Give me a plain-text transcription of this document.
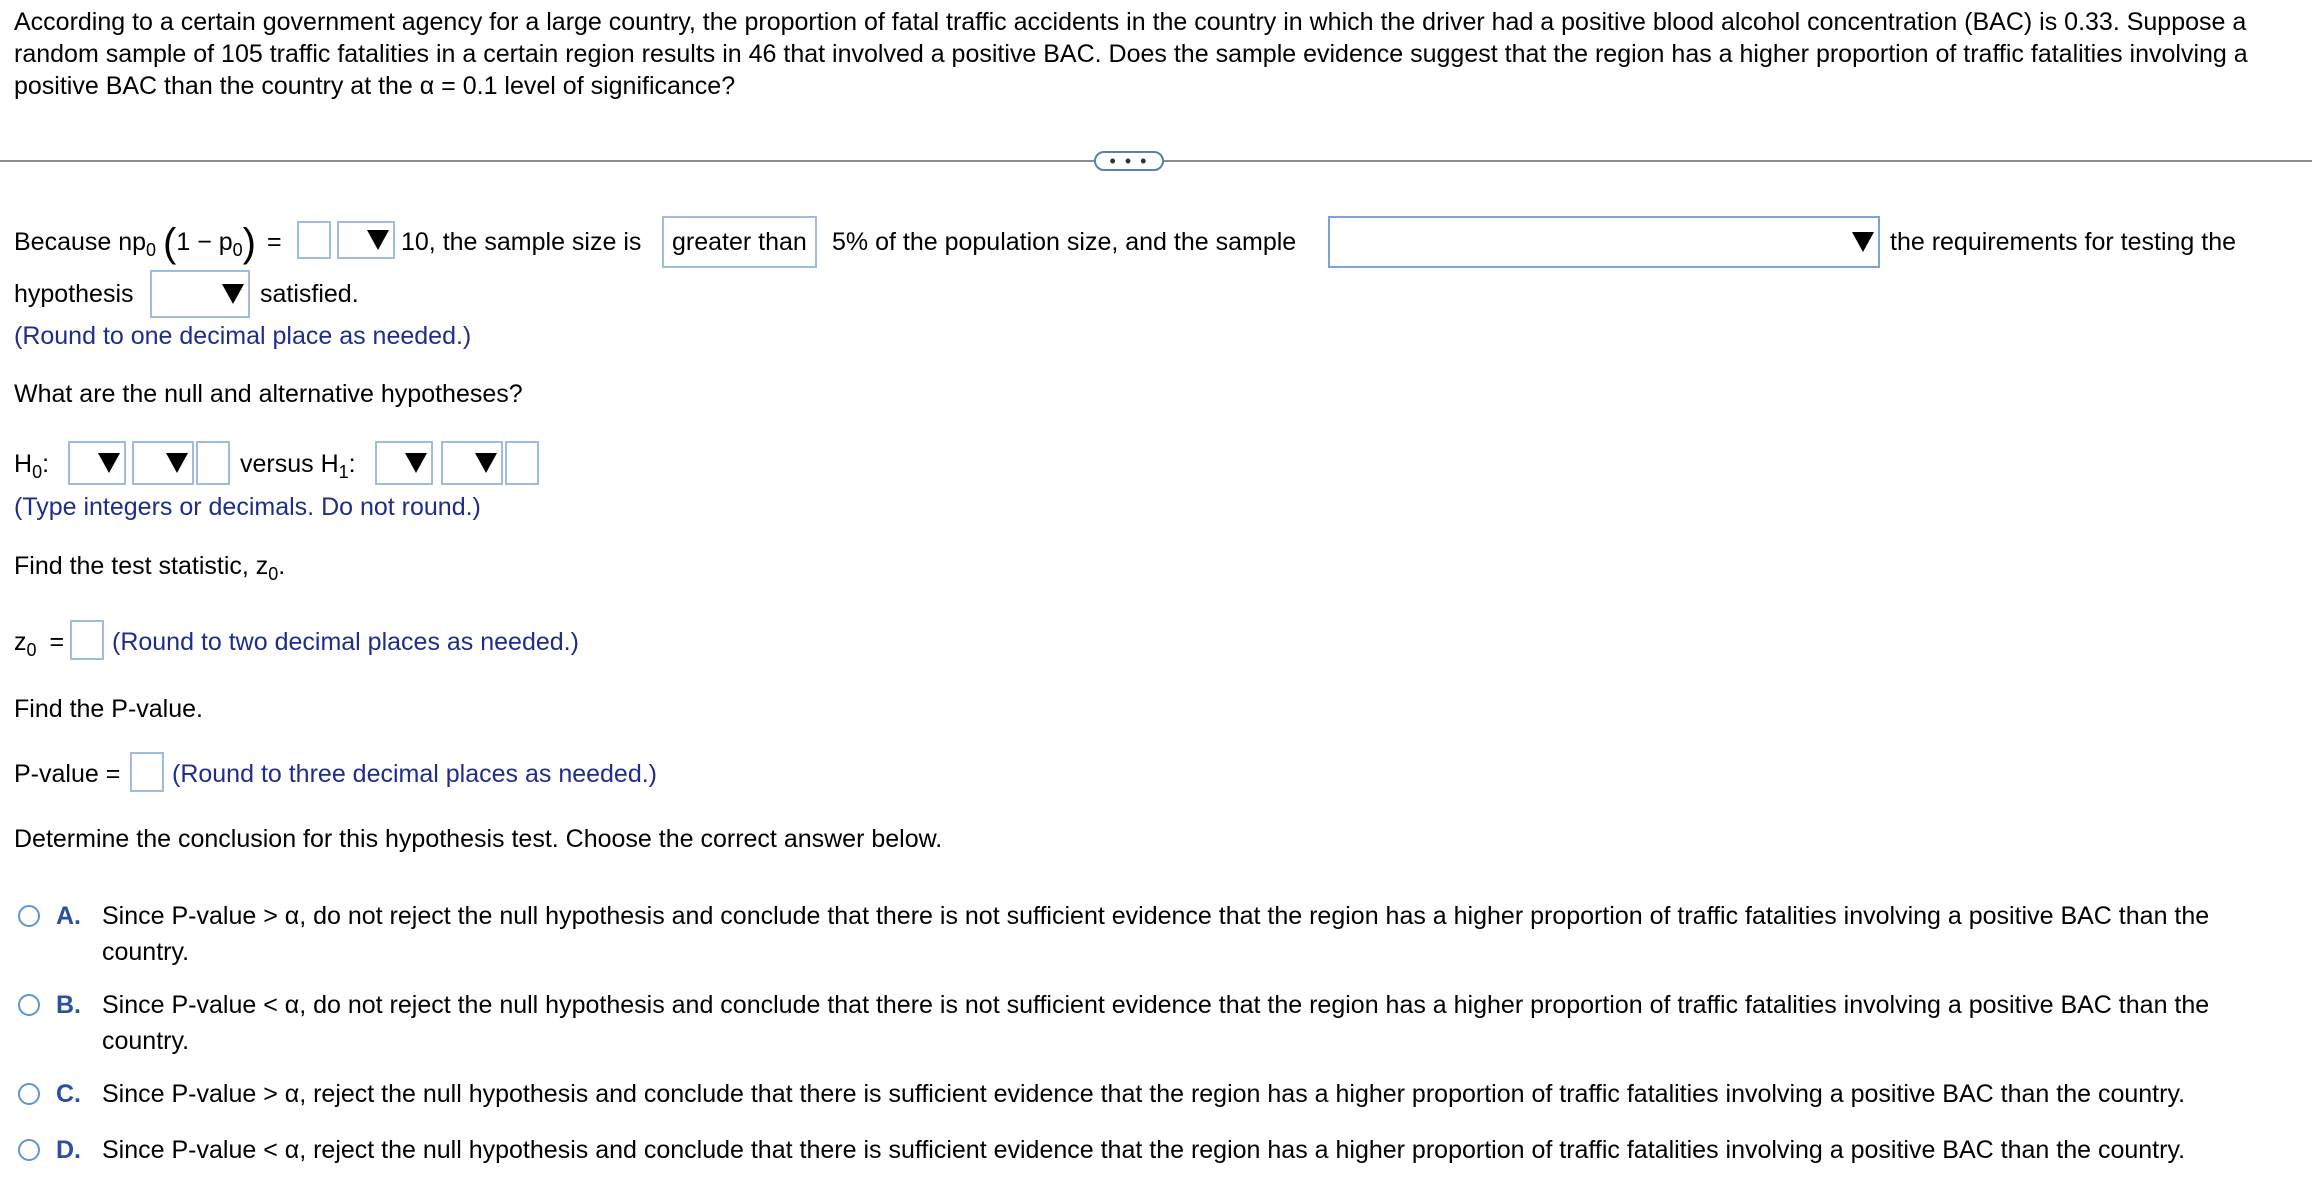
According to a certain government agency for a large country, the proportion of fatal traffic accidents in the country in which the driver had a positive blood alcohol concentration (BAC) is 0.33. Suppose a random sample of 105 traffic fatalities in a certain region results in 46 that involved a positive BAC. Does the sample evidence suggest that the region has a higher proportion of traffic fatalities involving a positive BAC than the country at the α = 0.1 level of significance?
• • •
Because $np_0$ $(1 - p_0)$ =	10, the sample size is	greater than	5% of the population size, and the sample	the requirements for testing the
hypothesis	satisfied.
(Round to one decimal place as needed.)
What are the null and alternative hypotheses?
$H_0$:	versus $H_1$:
(Type integers or decimals. Do not round.)
Find the test statistic, $z_0$.
$z_0$ = (Round to two decimal places as needed.)
Find the P-value.
P-value = (Round to three decimal places as needed.)
Determine the conclusion for this hypothesis test. Choose the correct answer below.
A. Since P-value > α, do not reject the null hypothesis and conclude that there is not sufficient evidence that the region has a higher proportion of traffic fatalities involving a positive BAC than the country.
B. Since P-value < α, do not reject the null hypothesis and conclude that there is not sufficient evidence that the region has a higher proportion of traffic fatalities involving a positive BAC than the country.
C. Since P-value > α, reject the null hypothesis and conclude that there is sufficient evidence that the region has a higher proportion of traffic fatalities involving a positive BAC than the country.
D. Since P-value < α, reject the null hypothesis and conclude that there is sufficient evidence that the region has a higher proportion of traffic fatalities involving a positive BAC than the country.
